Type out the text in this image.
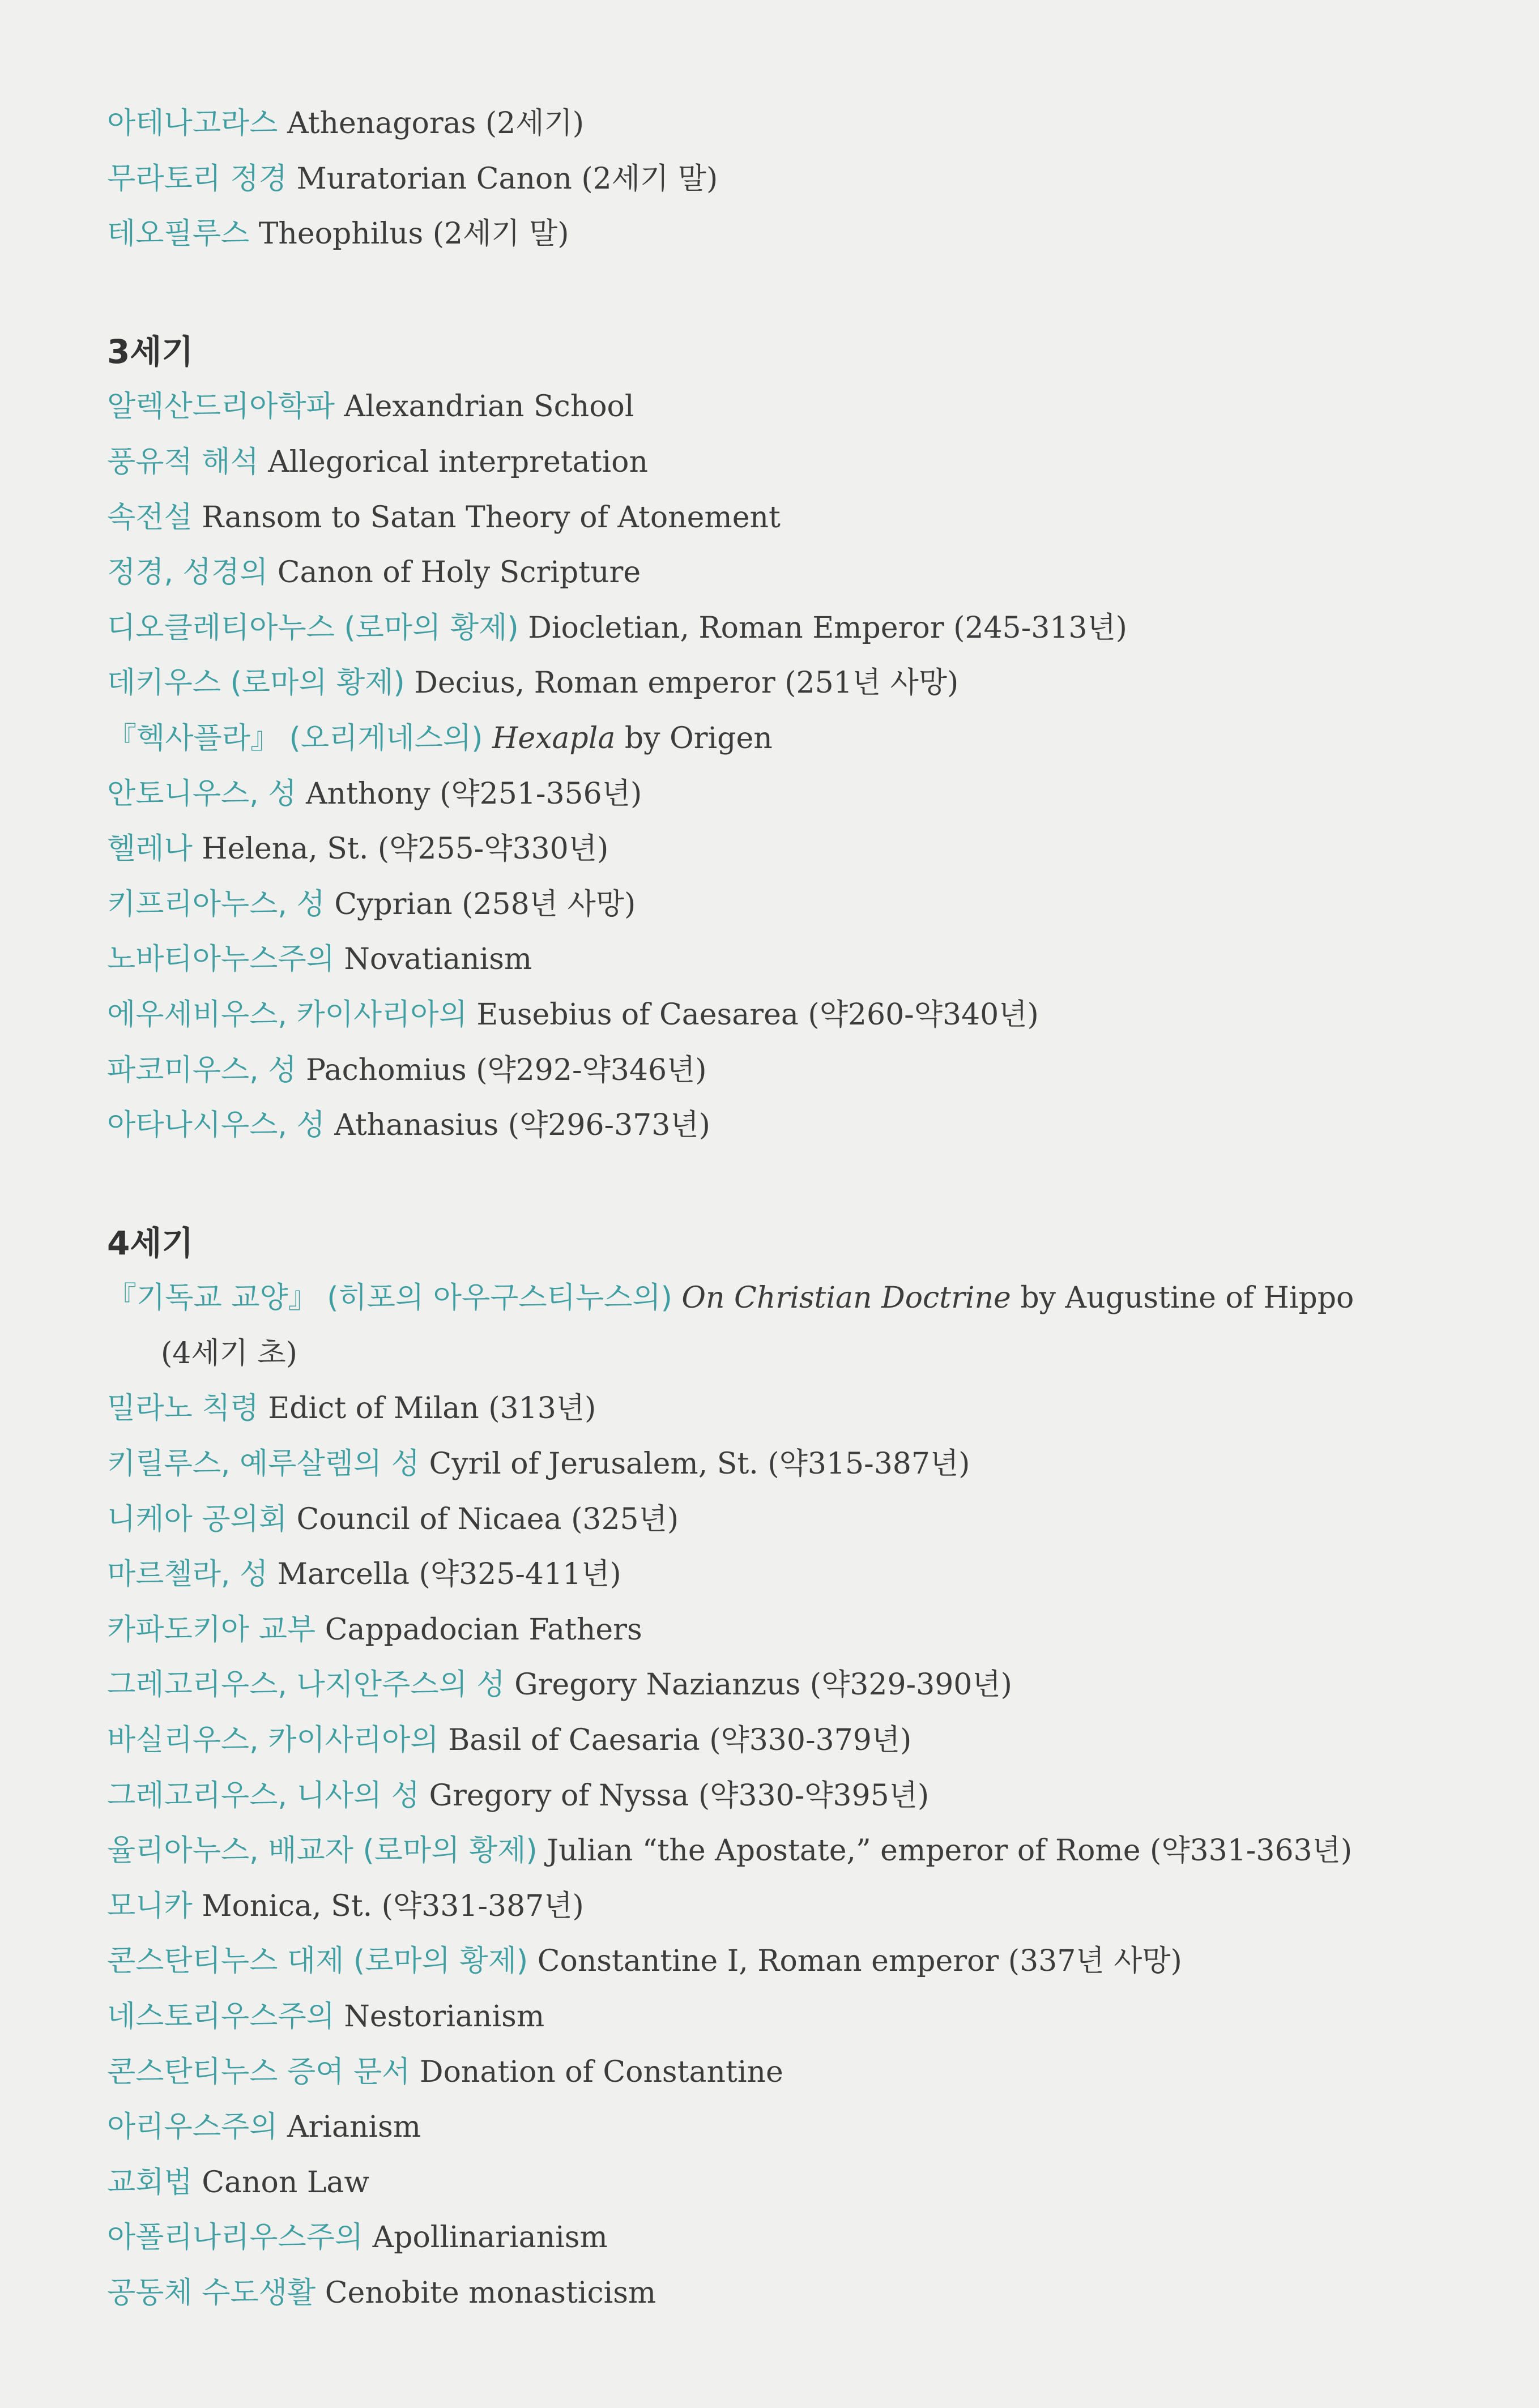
아테나고라스 Athenagoras (2세기)
무라토리 정경 Muratorian Canon (2세기 말)
테오필루스 Theophilus (2세기 말)
3세기
알렉산드리아학파 Alexandrian School
풍유적 해석 Allegorical interpretation
속전설 Ransom to Satan Theory of Atonement
정경, 성경의 Canon of Holy Scripture
디오클레티아누스 (로마의 황제) Diocletian, Roman Emperor (245-313년)
데키우스 (로마의 황제) Decius, Roman emperor (251년 사망)
『헥사플라』 (오리게네스의) Hexapla by Origen
안토니우스, 성 Anthony (약251-356년)
헬레나 Helena, St. (약255-약330년)
키프리아누스, 성 Cyprian (258년 사망)
노바티아누스주의 Novatianism
에우세비우스, 카이사리아의 Eusebius of Caesarea (약260-약340년)
파코미우스, 성 Pachomius (약292-약346년)
아타나시우스, 성 Athanasius (약296-373년)
4세기
『기독교 교양』 (히포의 아우구스티누스의) On Christian Doctrine by Augustine of Hippo (4세기 초)
밀라노 칙령 Edict of Milan (313년)
키릴루스, 예루살렘의 성 Cyril of Jerusalem, St. (약315-387년)
니케아 공의회 Council of Nicaea (325년)
마르첼라, 성 Marcella (약325-411년)
카파도키아 교부 Cappadocian Fathers
그레고리우스, 나지안주스의 성 Gregory Nazianzus (약329-390년)
바실리우스, 카이사리아의 Basil of Caesaria (약330-379년)
그레고리우스, 니사의 성 Gregory of Nyssa (약330-약395년)
율리아누스, 배교자 (로마의 황제) Julian “the Apostate,” emperor of Rome (약331-363년)
모니카 Monica, St. (약331-387년)
콘스탄티누스 대제 (로마의 황제) Constantine I, Roman emperor (337년 사망)
네스토리우스주의 Nestorianism
콘스탄티누스 증여 문서 Donation of Constantine
아리우스주의 Arianism
교회법 Canon Law
아폴리나리우스주의 Apollinarianism
공동체 수도생활 Cenobite monasticism
